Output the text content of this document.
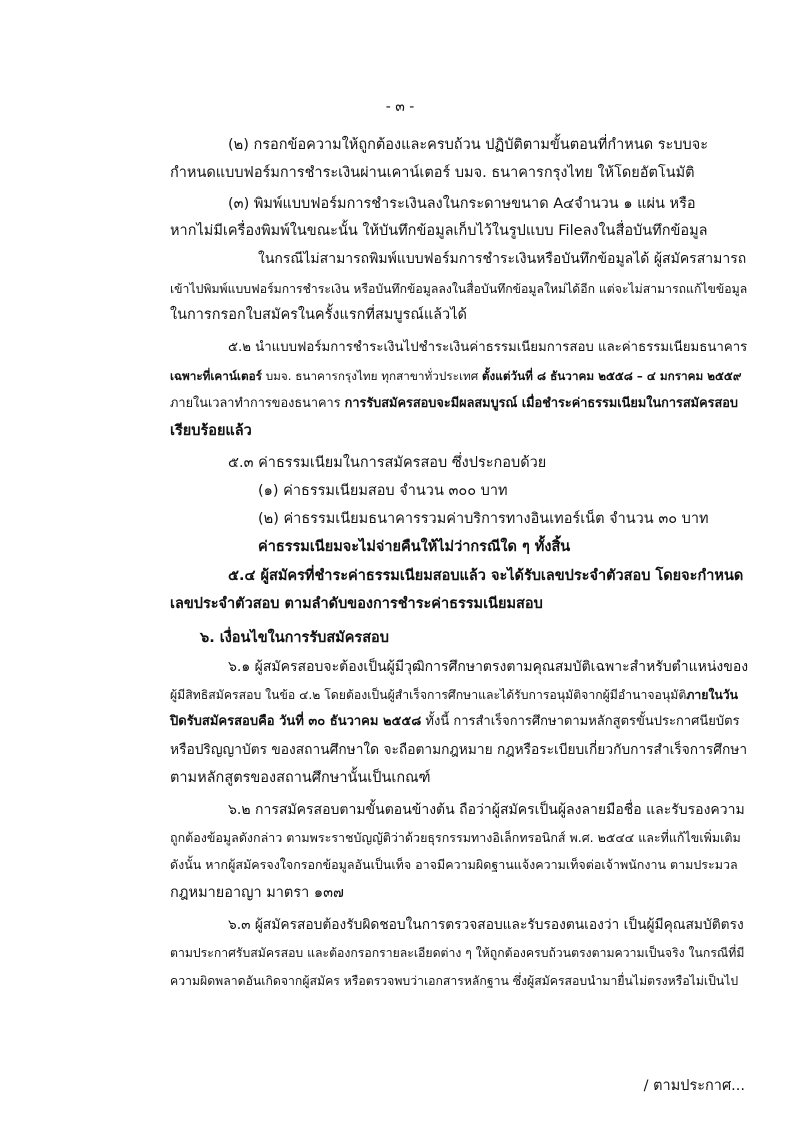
- ๓ -
(๒) กรอกข้อความให้ถูกต้องและครบถ้วน ปฏิบัติตามขั้นตอนที่กำหนด ระบบจะ
กำหนดแบบฟอร์มการชำระเงินผ่านเคาน์เตอร์ บมจ. ธนาคารกรุงไทย ให้โดยอัตโนมัติ
(๓) พิมพ์แบบฟอร์มการชำระเงินลงในกระดาษขนาด A๔จำนวน ๑ แผ่น หรือ
หากไม่มีเครื่องพิมพ์ในขณะนั้น ให้บันทึกข้อมูลเก็บไว้ในรูปแบบ Fileลงในสื่อบันทึกข้อมูล
ในกรณีไม่สามารถพิมพ์แบบฟอร์มการชำระเงินหรือบันทึกข้อมูลได้ ผู้สมัครสามารถ
เข้าไปพิมพ์แบบฟอร์มการชำระเงิน หรือบันทึกข้อมูลลงในสื่อบันทึกข้อมูลใหม่ได้อีก แต่จะไม่สามารถแก้ไขข้อมูล
ในการกรอกใบสมัครในครั้งแรกที่สมบูรณ์แล้วได้
๕.๒ นำแบบฟอร์มการชำระเงินไปชำระเงินค่าธรรมเนียมการสอบ และค่าธรรมเนียมธนาคาร
เฉพาะที่เคาน์เตอร์ บมจ. ธนาคารกรุงไทย ทุกสาขาทั่วประเทศ ตั้งแต่วันที่ ๘ ธันวาคม ๒๕๕๘ – ๔ มกราคม ๒๕๕๙
ภายในเวลาทำการของธนาคาร การรับสมัครสอบจะมีผลสมบูรณ์ เมื่อชำระค่าธรรมเนียมในการสมัครสอบ
เรียบร้อยแล้ว
๕.๓ ค่าธรรมเนียมในการสมัครสอบ ซึ่งประกอบด้วย
(๑) ค่าธรรมเนียมสอบ จำนวน ๓๐๐ บาท
(๒) ค่าธรรมเนียมธนาคารรวมค่าบริการทางอินเทอร์เน็ต จำนวน ๓๐ บาท
ค่าธรรมเนียมจะไม่จ่ายคืนให้ไม่ว่ากรณีใด ๆ ทั้งสิ้น
๕.๔ ผู้สมัครที่ชำระค่าธรรมเนียมสอบแล้ว จะได้รับเลขประจำตัวสอบ โดยจะกำหนด
เลขประจำตัวสอบ ตามลำดับของการชำระค่าธรรมเนียมสอบ
๖. เงื่อนไขในการรับสมัครสอบ
๖.๑ ผู้สมัครสอบจะต้องเป็นผู้มีวุฒิการศึกษาตรงตามคุณสมบัติเฉพาะสำหรับตำแหน่งของ
ผู้มีสิทธิสมัครสอบ ในข้อ ๔.๒ โดยต้องเป็นผู้สำเร็จการศึกษาและได้รับการอนุมัติจากผู้มีอำนาจอนุมัติภายในวัน
ปิดรับสมัครสอบคือ วันที่ ๓๐ ธันวาคม ๒๕๕๘ ทั้งนี้ การสำเร็จการศึกษาตามหลักสูตรขั้นประกาศนียบัตร
หรือปริญญาบัตร ของสถานศึกษาใด จะถือตามกฎหมาย กฎหรือระเบียบเกี่ยวกับการสำเร็จการศึกษา
ตามหลักสูตรของสถานศึกษานั้นเป็นเกณฑ์
๖.๒ การสมัครสอบตามขั้นตอนข้างต้น ถือว่าผู้สมัครเป็นผู้ลงลายมือชื่อ และรับรองความ
ถูกต้องข้อมูลดังกล่าว ตามพระราชบัญญัติว่าด้วยธุรกรรมทางอิเล็กทรอนิกส์ พ.ศ. ๒๕๔๔ และที่แก้ไขเพิ่มเติม
ดังนั้น หากผู้สมัครจงใจกรอกข้อมูลอันเป็นเท็จ อาจมีความผิดฐานแจ้งความเท็จต่อเจ้าพนักงาน ตามประมวล
กฎหมายอาญา มาตรา ๑๓๗
๖.๓ ผู้สมัครสอบต้องรับผิดชอบในการตรวจสอบและรับรองตนเองว่า เป็นผู้มีคุณสมบัติตรง
ตามประกาศรับสมัครสอบ และต้องกรอกรายละเอียดต่าง ๆ ให้ถูกต้องครบถ้วนตรงตามความเป็นจริง ในกรณีที่มี
ความผิดพลาดอันเกิดจากผู้สมัคร หรือตรวจพบว่าเอกสารหลักฐาน ซึ่งผู้สมัครสอบนำมายื่นไม่ตรงหรือไม่เป็นไป
/ ตามประกาศ...
